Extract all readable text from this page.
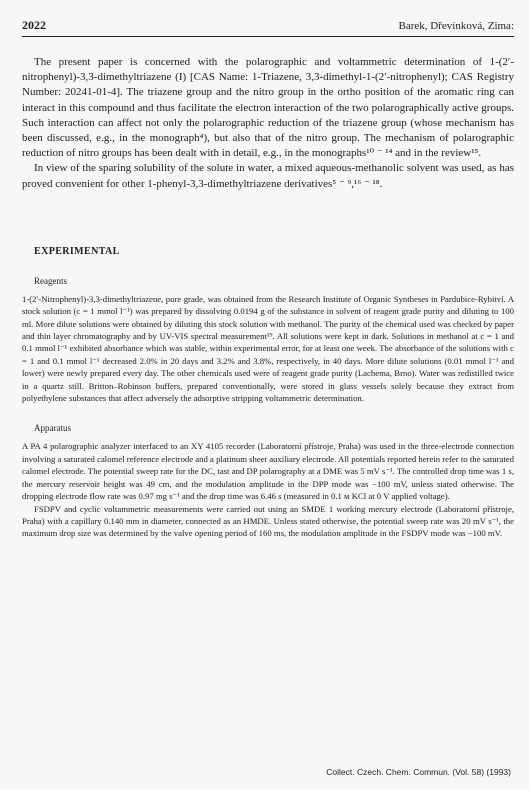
2022	Barek, Dřevínková, Zima:

The present paper is concerned with the polarographic and voltammetric determination of 1-(2′-nitrophenyl)-3,3-dimethyltriazene (I) [CAS Name: 1-Triazene, 3,3-dimethyl-1-(2′-nitrophenyl); CAS Registry Number: 20241-01-4]. The triazene group and the nitro group in the ortho position of the aromatic ring can interact in this compound and thus facilitate the electron interaction of the two polarographically active groups. Such interaction can affect not only the polarographic reduction of the triazene group (whose mechanism has been discussed, e.g., in the monograph⁴), but also that of the nitro group. The mechanism of polarographic reduction of nitro groups has been dealt with in detail, e.g., in the monographs¹⁰ ⁻ ¹⁴ and in the review¹⁵.

In view of the sparing solubility of the solute in water, a mixed aqueous-methanolic solvent was used, as has proved convenient for other 1-phenyl-3,3-dimethyltriazene derivatives⁵ ⁻ ⁹,¹⁶ ⁻ ¹⁸.

EXPERIMENTAL
Reagents

1-(2′-Nitrophenyl)-3,3-dimethyltriazene, pure grade, was obtained from the Research Institute of Organic Syntheses in Pardubice-Rybitví. A stock solution (c = 1 mmol l⁻¹) was prepared by dissolving 0.0194 g of the substance in solvent of reagent grade purity and diluting to 100 ml. More dilute solutions were obtained by diluting this stock solution with methanol. The purity of the chemical used was checked by paper and thin layer chromatography and by UV-VIS spectral measurement¹⁹. All solutions were kept in dark. Solutions in methanol at c = 1 and 0.1 mmol l⁻¹ exhibited absorbance which was stable, within experimental error, for at least one week. The absorbance of the solutions with c = 1 and 0.1 mmol l⁻¹ decreased 2.0% in 20 days and 3.2% and 3.8%, respectively, in 40 days. More dilute solutions (0.01 mmol l⁻¹ and lower) were newly prepared every day. The other chemicals used were of reagent grade purity (Lachema, Brno). Water was redistilled twice in a quartz still. Britton–Robinson buffers, prepared conventionally, were stored in glass vessels solely because they extract from polyethylene substances that affect adversely the adsorptive stripping voltammetric determination.

Apparatus

A PA 4 polarographic analyzer interfaced to an XY 4105 recorder (Laboratorní přístroje, Praha) was used in the three-electrode connection involving a saturated calomel reference electrode and a platinum sheet auxiliary electrode. All potentials reported herein refer to the saturated calomel electrode. The potential sweep rate for the DC, tast and DP polarography at a DME was 5 mV s⁻¹. The controlled drop time was 1 s, the mercury reservoir height was 49 cm, and the modulation amplitude in the DPP mode was −100 mV, unless stated otherwise. The dropping electrode flow rate was 0.97 mg s⁻¹ and the drop time was 6.46 s (measured in 0.1 м KCl at 0 V applied voltage).

FSDPV and cyclic voltammetric measurements were carried out using an SMDE 1 working mercury electrode (Laboratorní přístroje, Praha) with a capillary 0.140 mm in diameter, connected as an HMDE. Unless stated otherwise, the potential sweep rate was 20 mV s⁻¹, the maximum drop size was determined by the valve opening period of 160 ms, the modulation amplitude in the FSDPV mode was −100 mV.

Collect. Czech. Chem. Commun. (Vol. 58) (1993)
